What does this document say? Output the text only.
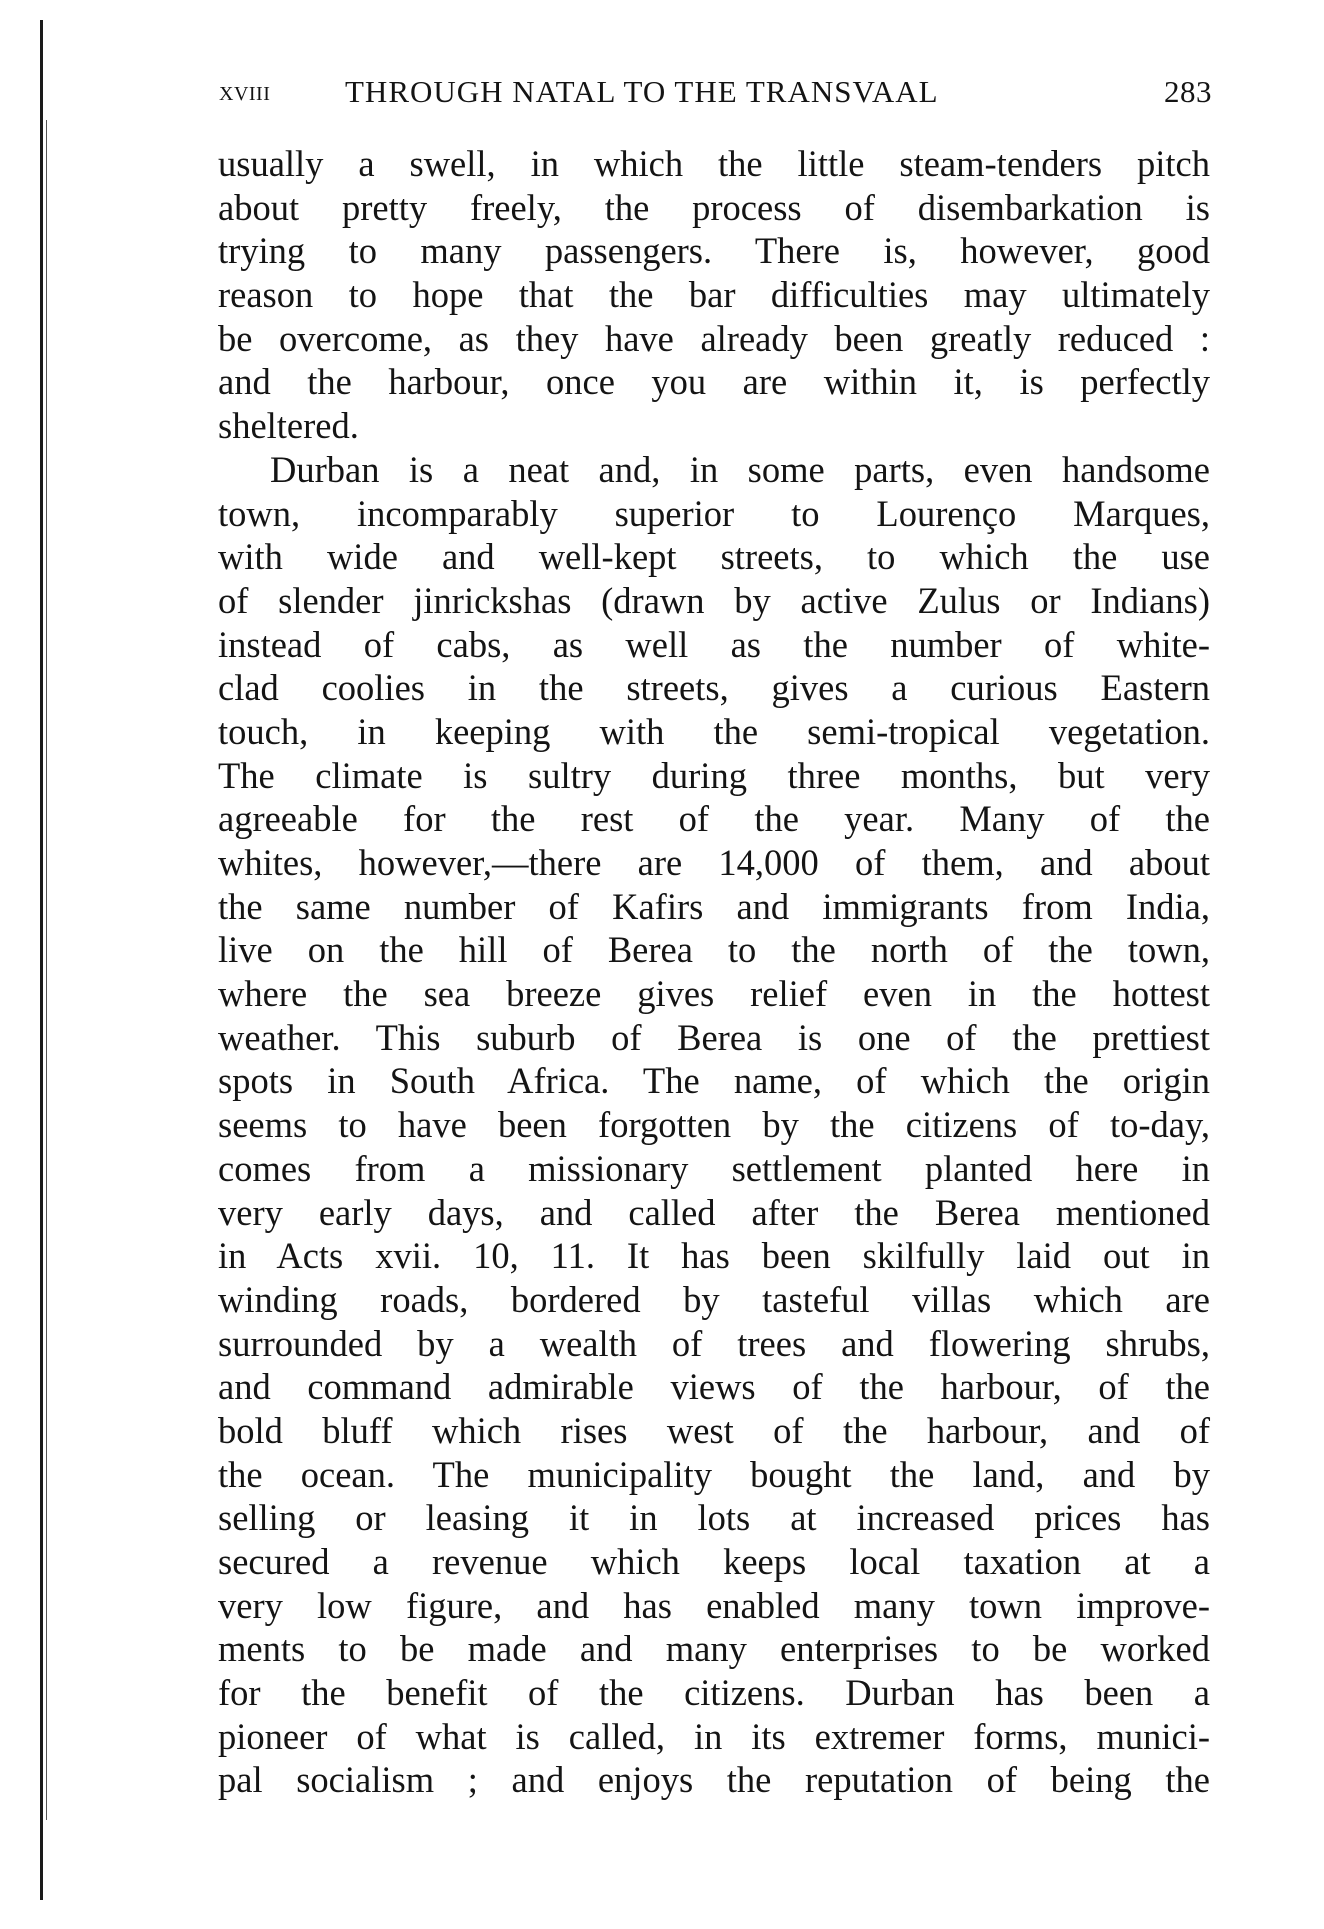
xviii THROUGH NATAL TO THE TRANSVAAL	283
usually a swell, in which the little steam-tenders pitch
about pretty freely, the process of disembarkation is
trying to many passengers. There is, however, good
reason to hope that the bar difficulties may ultimately
be overcome, as they have already been greatly reduced :
and the harbour, once you are within it, is perfectly
sheltered.
Durban is a neat and, in some parts, even handsome
town, incomparably superior to Lourenço Marques,
with wide and well-kept streets, to which the use
of slender jinrickshas (drawn by active Zulus or Indians)
instead of cabs, as well as the number of white-
clad coolies in the streets, gives a curious Eastern
touch, in keeping with the semi-tropical vegetation.
The climate is sultry during three months, but very
agreeable for the rest of the year. Many of the
whites, however,—there are 14,000 of them, and about
the same number of Kafirs and immigrants from India,
live on the hill of Berea to the north of the town,
where the sea breeze gives relief even in the hottest
weather. This suburb of Berea is one of the prettiest
spots in South Africa. The name, of which the origin
seems to have been forgotten by the citizens of to-day,
comes from a missionary settlement planted here in
very early days, and called after the Berea mentioned
in Acts xvii. 10, 11. It has been skilfully laid out in
winding roads, bordered by tasteful villas which are
surrounded by a wealth of trees and flowering shrubs,
and command admirable views of the harbour, of the
bold bluff which rises west of the harbour, and of
the ocean. The municipality bought the land, and by
selling or leasing it in lots at increased prices has
secured a revenue which keeps local taxation at a
very low figure, and has enabled many town improve-
ments to be made and many enterprises to be worked
for the benefit of the citizens. Durban has been a
pioneer of what is called, in its extremer forms, munici-
pal socialism ; and enjoys the reputation of being the
